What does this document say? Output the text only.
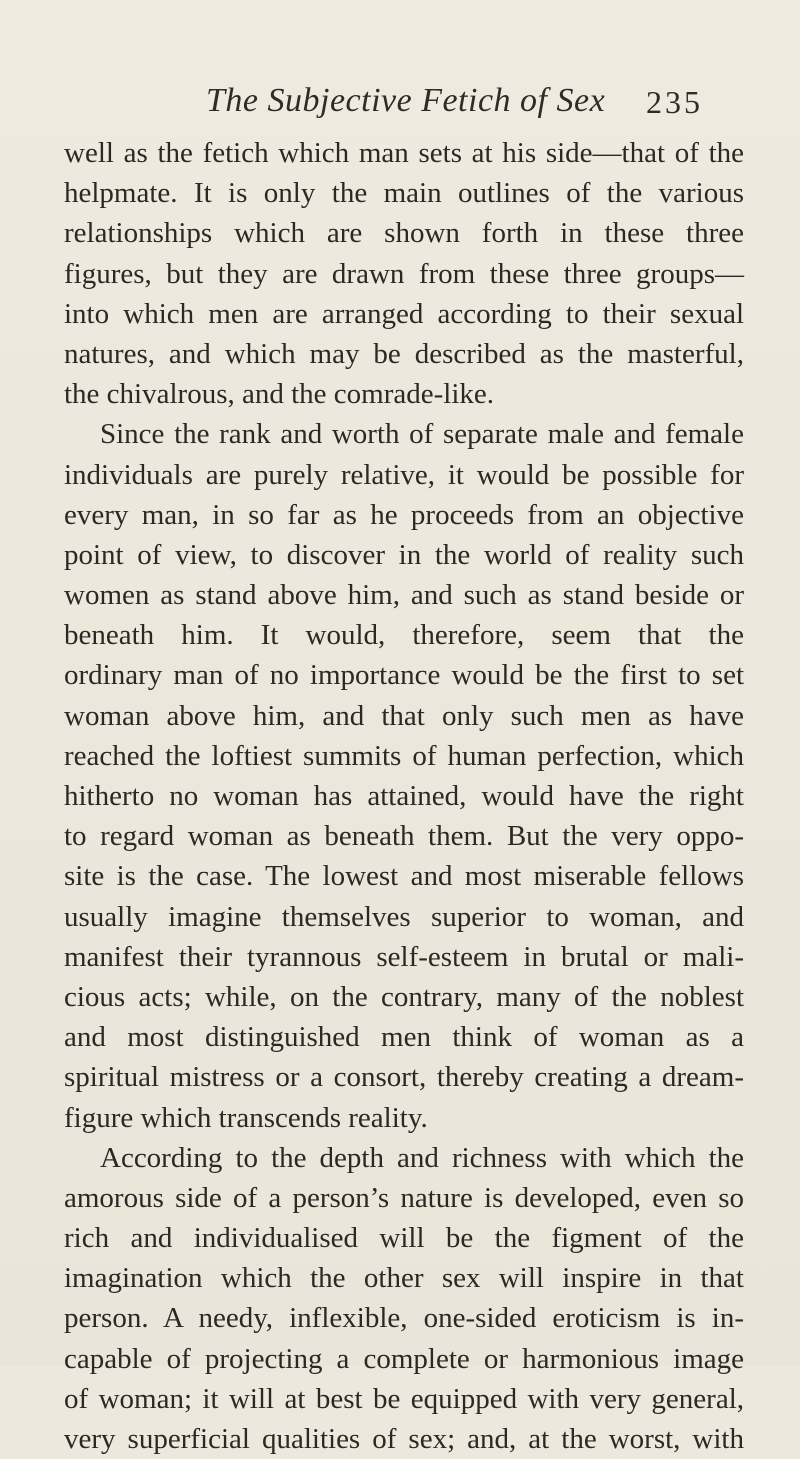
The Subjective Fetich of Sex 235
well as the fetich which man sets at his side—that of the
helpmate. It is only the main outlines of the various
relationships which are shown forth in these three
figures, but they are drawn from these three groups—
into which men are arranged according to their sexual
natures, and which may be described as the masterful,
the chivalrous, and the comrade-like.
Since the rank and worth of separate male and female
individuals are purely relative, it would be possible for
every man, in so far as he proceeds from an objective
point of view, to discover in the world of reality such
women as stand above him, and such as stand beside or
beneath him. It would, therefore, seem that the
ordinary man of no importance would be the first to set
woman above him, and that only such men as have
reached the loftiest summits of human perfection, which
hitherto no woman has attained, would have the right
to regard woman as beneath them. But the very oppo-
site is the case. The lowest and most miserable fellows
usually imagine themselves superior to woman, and
manifest their tyrannous self-esteem in brutal or mali-
cious acts; while, on the contrary, many of the noblest
and most distinguished men think of woman as a
spiritual mistress or a consort, thereby creating a dream-
figure which transcends reality.
According to the depth and richness with which the
amorous side of a person’s nature is developed, even so
rich and individualised will be the figment of the
imagination which the other sex will inspire in that
person. A needy, inflexible, one-sided eroticism is in-
capable of projecting a complete or harmonious image
of woman; it will at best be equipped with very general,
very superficial qualities of sex; and, at the worst, with
